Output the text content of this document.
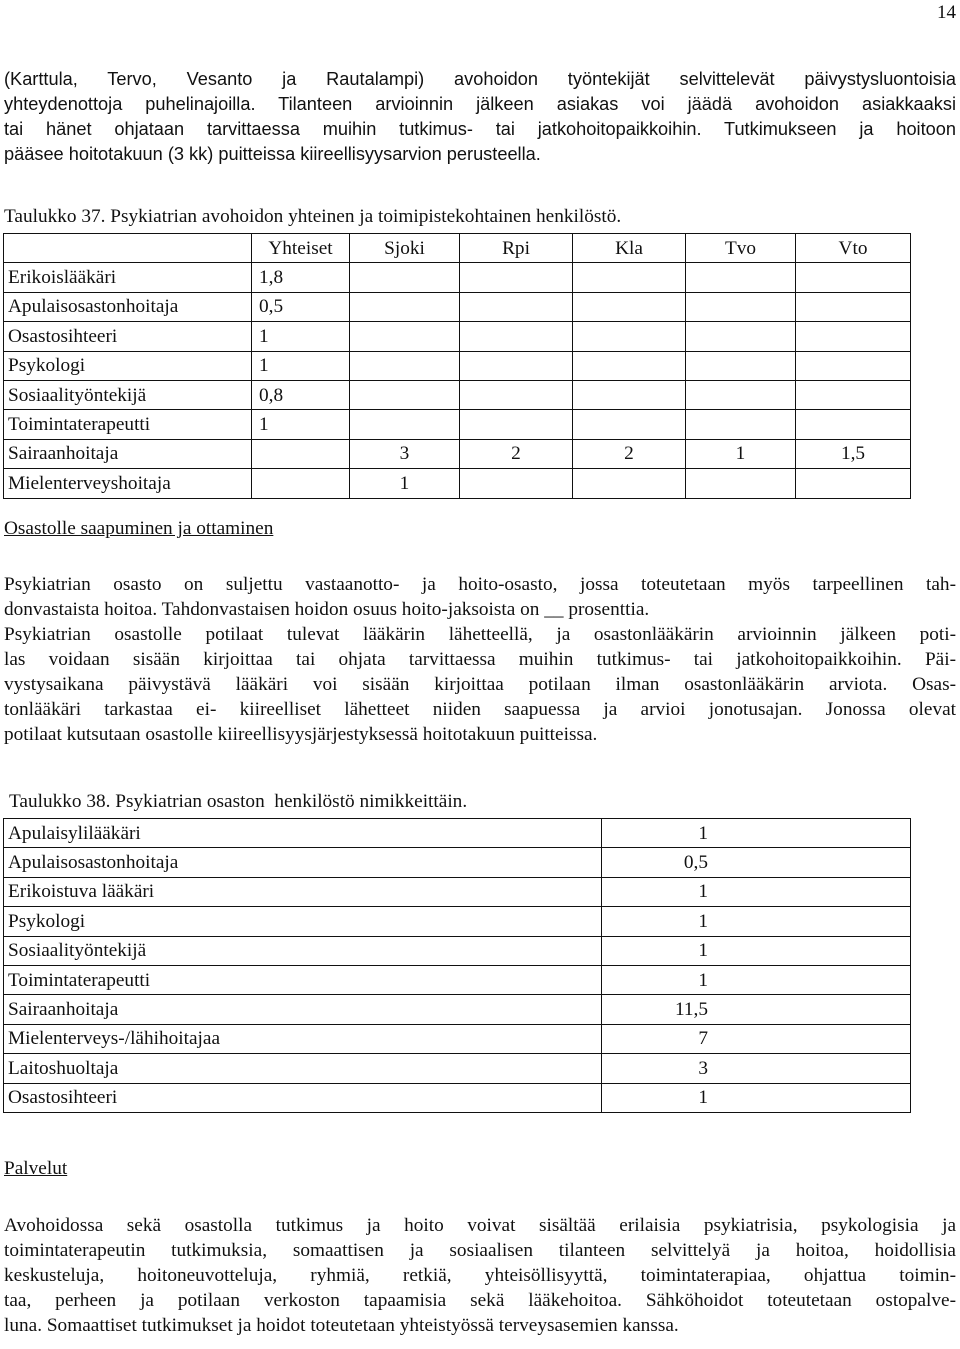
14
(Karttula, Tervo, Vesanto ja Rautalampi) avohoidon työntekijät selvittelevät päivystysluontoisia
yhteydenottoja puhelinajoilla. Tilanteen arvioinnin jälkeen asiakas voi jäädä avohoidon asiakkaaksi
tai hänet ohjataan tarvittaessa muihin tutkimus- tai jatkohoitopaikkoihin. Tutkimukseen ja hoitoon
pääsee hoitotakuun (3 kk) puitteissa kiireellisyysarvion perusteella.

Taulukko 37. Psykiatrian avohoidon yhteinen ja toimipistekohtainen henkilöstö.

	Yhteiset	Sjoki	Rpi	Kla	Tvo	Vto
Erikoislääkäri	1,8					
Apulaisosastonhoitaja	0,5					
Osastosihteeri	1					
Psykologi	1					
Sosiaalityöntekijä	0,8					
Toimintaterapeutti	1					
Sairaanhoitaja		3	2	2	1	1,5
Mielenterveyshoitaja		1				
Osastolle saapuminen ja ottaminen
Psykiatrian osasto on suljettu vastaanotto- ja hoito-osasto, jossa toteutetaan myös tarpeellinen tah-
donvastaista hoitoa. Tahdonvastaisen hoidon osuus hoito-jaksoista on __ prosenttia.
Psykiatrian osastolle potilaat tulevat lääkärin lähetteellä, ja osastonlääkärin arvioinnin jälkeen poti-
las voidaan sisään kirjoittaa tai ohjata tarvittaessa muihin tutkimus- tai jatkohoitopaikkoihin. Päi-
vystysaikana päivystävä lääkäri voi sisään kirjoittaa potilaan ilman osastonlääkärin arviota. Osas-
tonlääkäri tarkastaa ei- kiireelliset lähetteet niiden saapuessa ja arvioi jonotusajan. Jonossa olevat
potilaat kutsutaan osastolle kiireellisyysjärjestyksessä hoitotakuun puitteissa.

Taulukko 38. Psykiatrian osaston  henkilöstö nimikkeittäin.

Apulaisylilääkäri	1
Apulaisosastonhoitaja	0,5
Erikoistuva lääkäri	1
Psykologi	1
Sosiaalityöntekijä	1
Toimintaterapeutti	1
Sairaanhoitaja	11,5
Mielenterveys-/lähihoitajaa	7
Laitoshuoltaja	3
Osastosihteeri	1
Palvelut
Avohoidossa sekä osastolla tutkimus ja hoito voivat sisältää erilaisia psykiatrisia, psykologisia ja
toimintaterapeutin tutkimuksia, somaattisen ja sosiaalisen tilanteen selvittelyä ja hoitoa, hoidollisia
keskusteluja, hoitoneuvotteluja, ryhmiä, retkiä, yhteisöllisyyttä, toimintaterapiaa, ohjattua toimin-
taa, perheen ja potilaan verkoston tapaamisia sekä lääkehoitoa. Sähköhoidot toteutetaan ostopalve-
luna. Somaattiset tutkimukset ja hoidot toteutetaan yhteistyössä terveysasemien kanssa.
